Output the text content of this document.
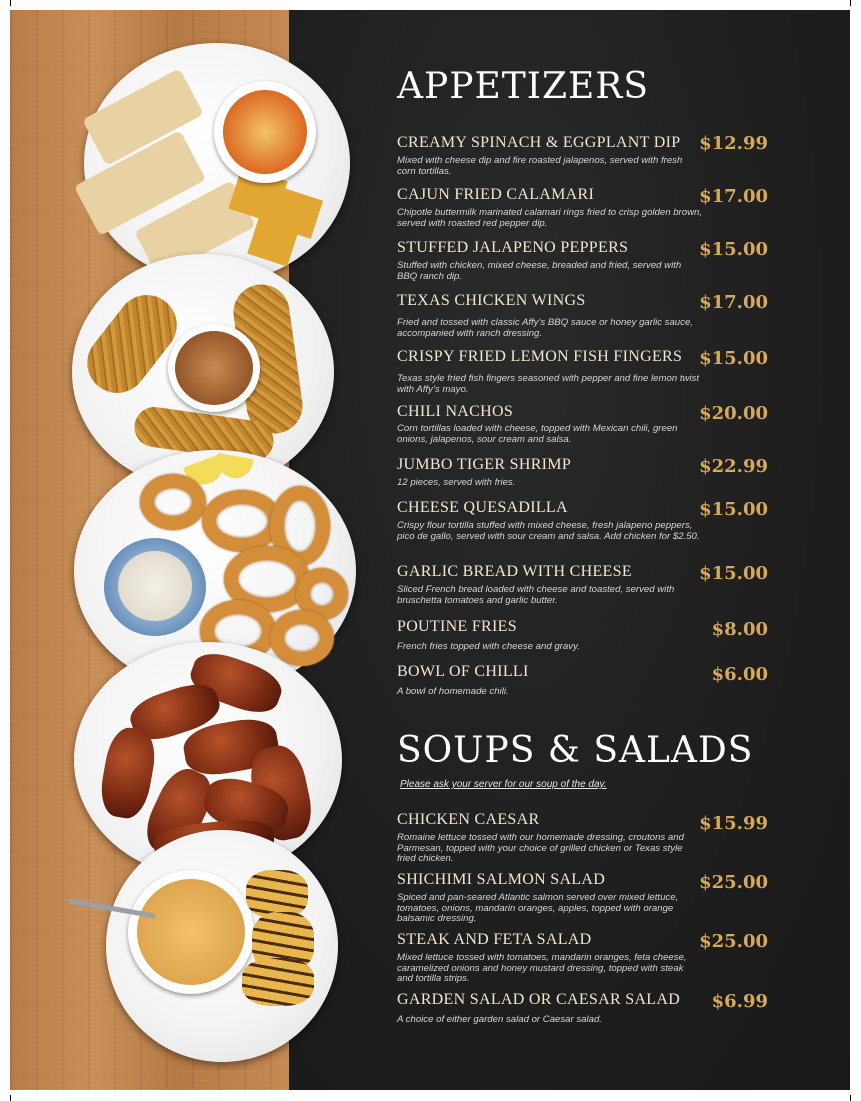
APPETIZERS
CREAMY SPINACH & EGGPLANT DIP
Mixed with cheese dip and fire roasted jalapenos, served with fresh corn tortillas.
$12.99
CAJUN FRIED CALAMARI
Chipotle buttermilk marinated calamari rings fried to crisp golden brown, served with roasted red pepper dip.
$17.00
STUFFED JALAPENO PEPPERS
Stuffed with chicken, mixed cheese, breaded and fried, served with BBQ ranch dip.
$15.00
TEXAS CHICKEN WINGS
Fried and tossed with classic Affy’s BBQ sauce or honey garlic sauce, accompanied with ranch dressing.
$17.00
CRISPY FRIED LEMON FISH FINGERS
Texas style fried fish fingers seasoned with pepper and fine lemon twist with Affy’s mayo.
$15.00
CHILI NACHOS
Corn tortillas loaded with cheese, topped with Mexican chili, green onions, jalapenos, sour cream and salsa.
$20.00
JUMBO TIGER SHRIMP
12 pieces, served with fries.
$22.99
CHEESE QUESADILLA
Crispy flour tortilla stuffed with mixed cheese, fresh jalapeno peppers, pico de gallo, served with sour cream and salsa. Add chicken for $2.50.
$15.00
GARLIC BREAD WITH CHEESE
Sliced French bread loaded with cheese and toasted, served with bruschetta tomatoes and garlic butter.
$15.00
POUTINE FRIES
French fries topped with cheese and gravy.
$8.00
BOWL OF CHILLI
A bowl of homemade chili.
$6.00
SOUPS & SALADS
Please ask your server for our soup of the day.
CHICKEN CAESAR
Romaine lettuce tossed with our homemade dressing, croutons and Parmesan, topped with your choice of grilled chicken or Texas style fried chicken.
$15.99
SHICHIMI SALMON SALAD
Spiced and pan-seared Atlantic salmon served over mixed lettuce, tomatoes, onions, mandarin oranges, apples, topped with orange balsamic dressing.
$25.00
STEAK AND FETA SALAD
Mixed lettuce tossed with tomatoes, mandarin oranges, feta cheese, caramelized onions and honey mustard dressing, topped with steak and tortilla strips.
$25.00
GARDEN SALAD OR CAESAR SALAD
A choice of either garden salad or Caesar salad.
$6.99
